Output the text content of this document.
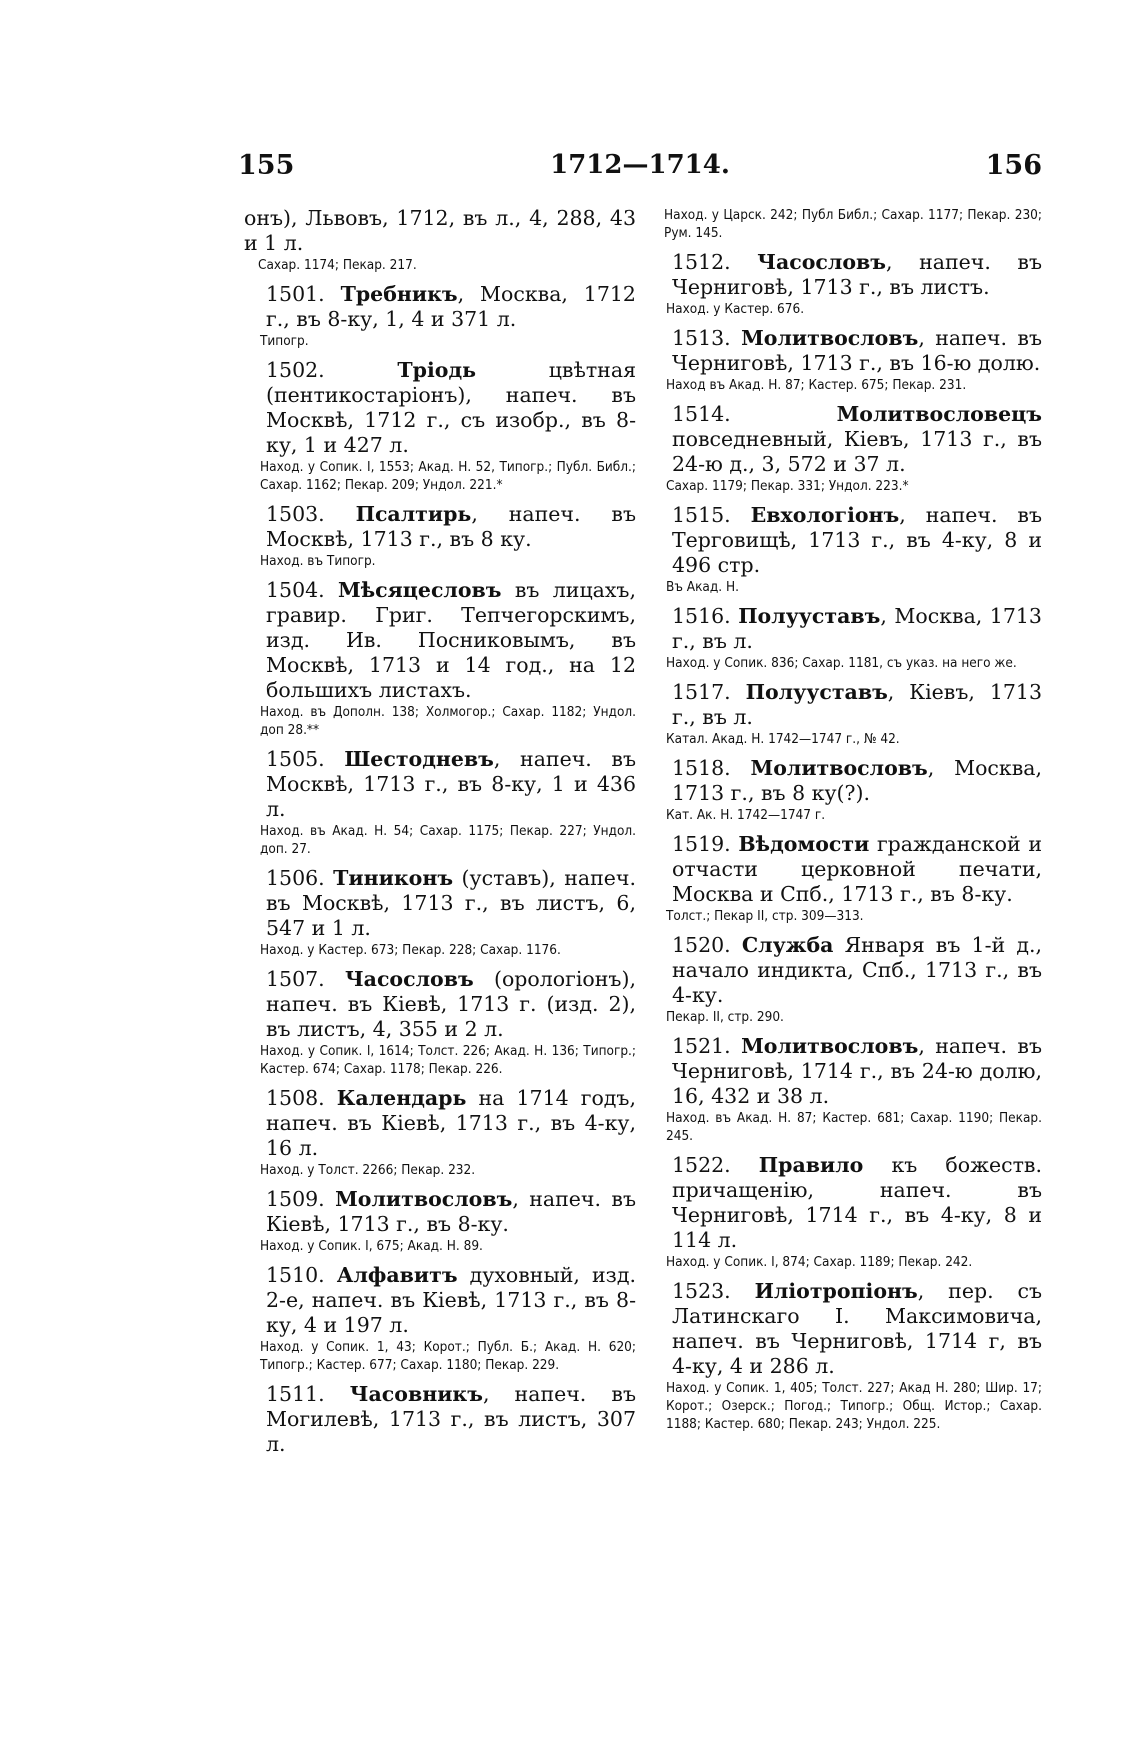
155	1712—1714.	156
онъ), Львовъ, 1712, въ л., 4, 288, 43 и 1 л.
Сахар. 1174; Пекар. 217.
1501. Требникъ, Москва, 1712 г., въ 8-ку, 1, 4 и 371 л.
Типогр.
1502. Тріодь цвѣтная (пентикостаріонъ), напеч. въ Москвѣ, 1712 г., съ изобр., въ 8-ку, 1 и 427 л.
Наход. у Сопик. I, 1553; Акад. Н. 52, Типогр.; Публ. Библ.; Сахар. 1162; Пекар. 209; Ундол. 221.*
1503. Псалтирь, напеч. въ Москвѣ, 1713 г., въ 8 ку.
Наход. въ Типогр.
1504. Мѣсяцесловъ въ лицахъ, гравир. Григ. Тепчегорскимъ, изд. Ив. Посниковымъ, въ Москвѣ, 1713 и 14 год., на 12 большихъ листахъ.
Наход. въ Дополн. 138; Холмогор.; Сахар. 1182; Ундол. доп 28.**
1505. Шестодневъ, напеч. въ Москвѣ, 1713 г., въ 8-ку, 1 и 436 л.
Наход. въ Акад. Н. 54; Сахар. 1175; Пекар. 227; Ундол. доп. 27.
1506. Тиниконъ (уставъ), напеч. въ Москвѣ, 1713 г., въ листъ, 6, 547 и 1 л.
Наход. у Кастер. 673; Пекар. 228; Сахар. 1176.
1507. Часословъ (орологіонъ), напеч. въ Кіевѣ, 1713 г. (изд. 2), въ листъ, 4, 355 и 2 л.
Наход. у Сопик. I, 1614; Толст. 226; Акад. Н. 136; Типогр.; Кастер. 674; Сахар. 1178; Пекар. 226.
1508. Календарь на 1714 годъ, напеч. въ Кіевѣ, 1713 г., въ 4-ку, 16 л.
Наход. у Толст. 2266; Пекар. 232.
1509. Молитвословъ, напеч. въ Кіевѣ, 1713 г., въ 8-ку.
Наход. у Сопик. I, 675; Акад. Н. 89.
1510. Алфавитъ духовный, изд. 2-е, напеч. въ Кіевѣ, 1713 г., въ 8-ку, 4 и 197 л.
Наход. у Сопик. 1, 43; Корот.; Публ. Б.; Акад. Н. 620; Типогр.; Кастер. 677; Сахар. 1180; Пекар. 229.
1511. Часовникъ, напеч. въ Могилевѣ, 1713 г., въ листъ, 307 л.
Наход. у Царск. 242; Публ Библ.; Сахар. 1177; Пекар. 230; Рум. 145.
1512. Часословъ, напеч. въ Черниговѣ, 1713 г., въ листъ.
Наход. у Кастер. 676.
1513. Молитвословъ, напеч. въ Черниговѣ, 1713 г., въ 16-ю долю.
Наход въ Акад. Н. 87; Кастер. 675; Пекар. 231.
1514. Молитвословецъ повседневный, Кіевъ, 1713 г., въ 24-ю д., 3, 572 и 37 л.
Сахар. 1179; Пекар. 331; Ундол. 223.*
1515. Евхологіонъ, напеч. въ Терговищѣ, 1713 г., въ 4-ку, 8 и 496 стр.
Въ Акад. Н.
1516. Полууставъ, Москва, 1713 г., въ л.
Наход. у Сопик. 836; Сахар. 1181, съ указ. на него же.
1517. Полууставъ, Кіевъ, 1713 г., въ л.
Катал. Акад. Н. 1742—1747 г., № 42.
1518. Молитвословъ, Москва, 1713 г., въ 8 ку(?).
Кат. Ак. Н. 1742—1747 г.
1519. Вѣдомости гражданской и отчасти церковной печати, Москва и Спб., 1713 г., въ 8-ку.
Толст.; Пекар II, стр. 309—313.
1520. Служба Января въ 1-й д., начало индикта, Спб., 1713 г., въ 4-ку.
Пекар. II, стр. 290.
1521. Молитвословъ, напеч. въ Черниговѣ, 1714 г., въ 24-ю долю, 16, 432 и 38 л.
Наход. въ Акад. Н. 87; Кастер. 681; Сахар. 1190; Пекар. 245.
1522. Правило къ божеств. причащенію, напеч. въ Черниговѣ, 1714 г., въ 4-ку, 8 и 114 л.
Наход. у Сопик. I, 874; Сахар. 1189; Пекар. 242.
1523. Иліотропіонъ, пер. съ Латинскаго I. Максимовича, напеч. въ Черниговѣ, 1714 г, въ 4-ку, 4 и 286 л.
Наход. у Сопик. 1, 405; Толст. 227; Акад Н. 280; Шир. 17; Корот.; Озерск.; Погод.; Типогр.; Общ. Истор.; Сахар. 1188; Кастер. 680; Пекар. 243; Ундол. 225.
